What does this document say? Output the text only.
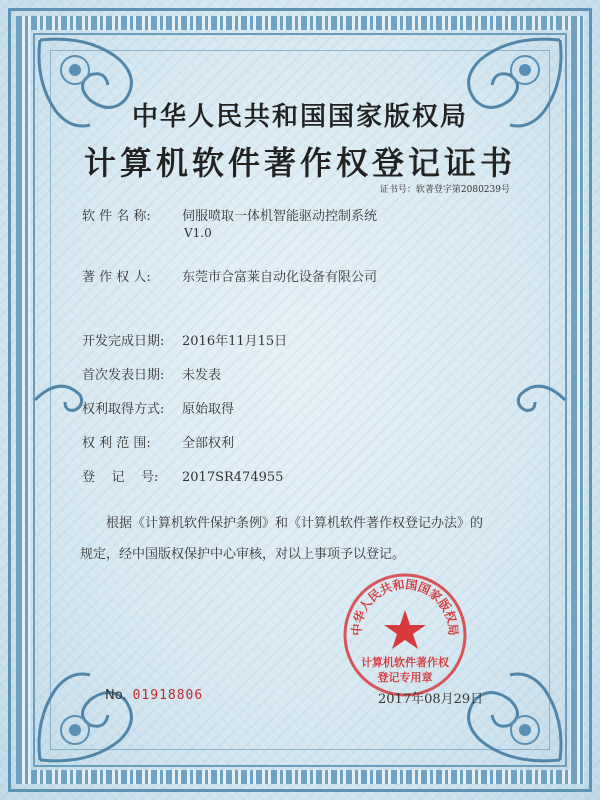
中华人民共和国国家版权局
计算机软件著作权登记证书
证书号：软著登字第2080239号
软 件 名 称: 伺服喷取一体机智能驱动控制系统
V1.0
著 作 权 人: 东莞市合富莱自动化设备有限公司
开发完成日期: 2016年11月15日
首次发表日期: 未发表
权利取得方式: 原始取得
权 利 范 围: 全部权利
登    记    号: 2017SR474955
根据《计算机软件保护条例》和《计算机软件著作权登记办法》的
规定，经中国版权保护中心审核，对以上事项予以登记。
中华人民共和国国家版权局
计算机软件著作权
登记专用章
No. 01918806	2017年08月29日
